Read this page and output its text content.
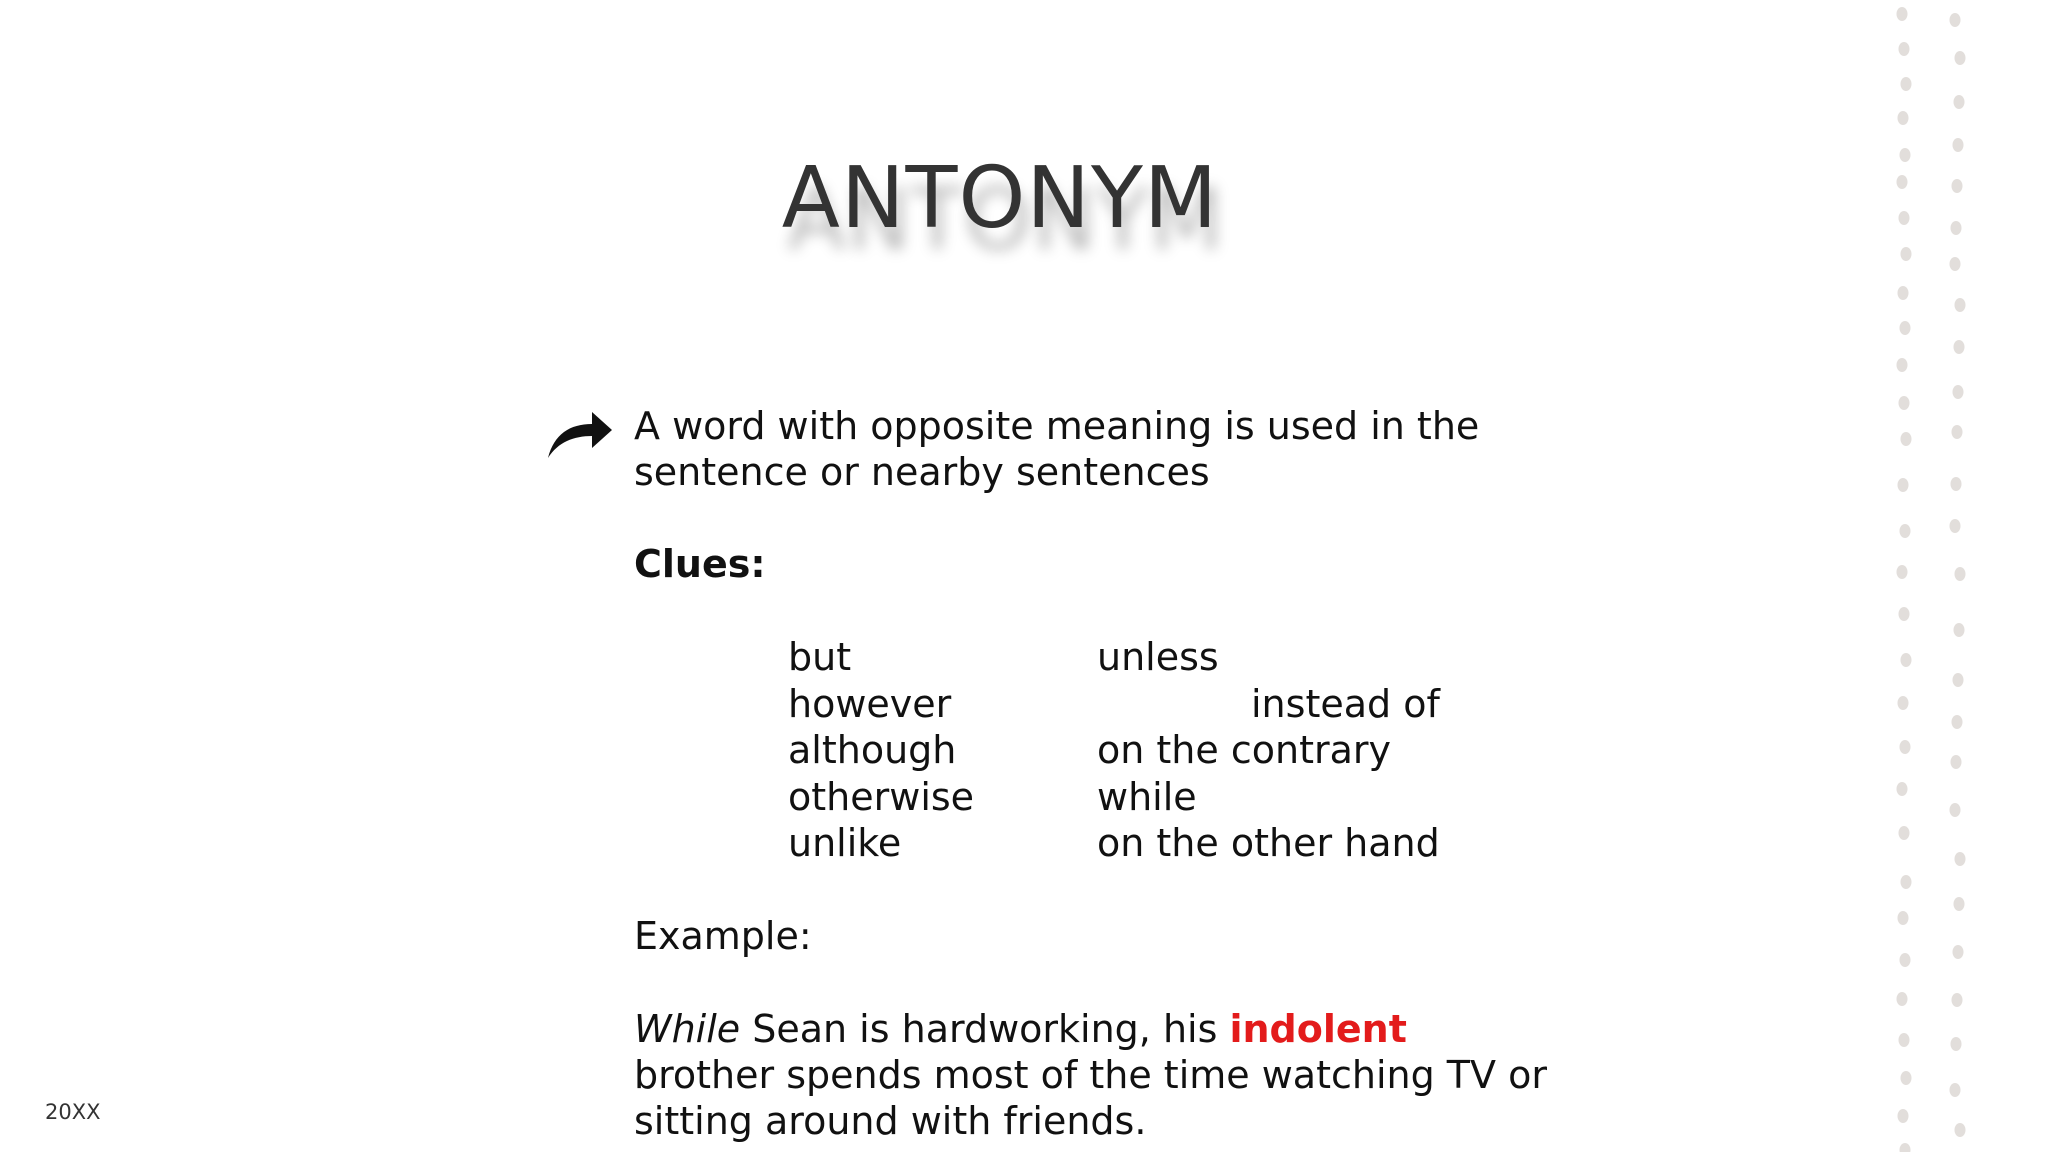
ANTONYM
A word with opposite meaning is used in the sentence or nearby sentences
Clues:
but
however
although
otherwise
unlike
unless
instead of
on the contrary
while
on the other hand
Example:
While Sean is hardworking, his indolent brother spends most of the time watching TV or sitting around with friends.
20XX
